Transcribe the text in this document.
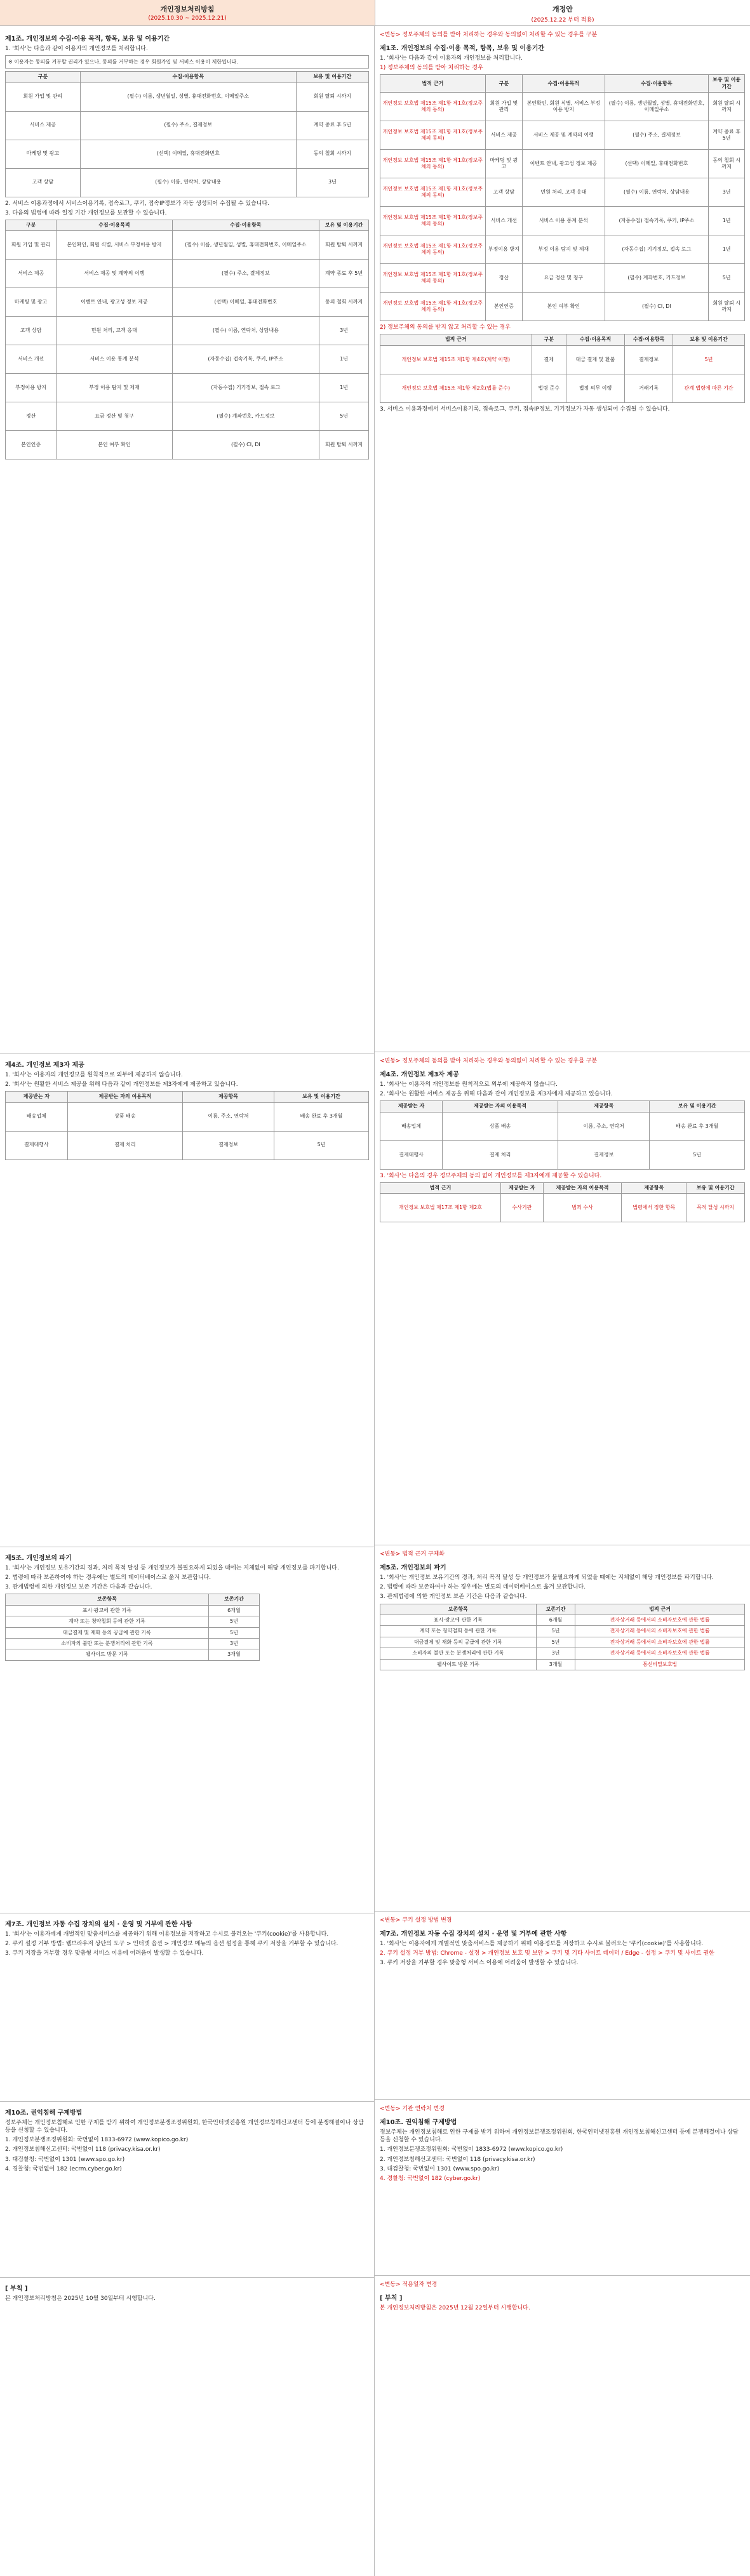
개인정보처리방침
(2025.10.30 ~ 2025.12.21)
개정안
(2025.12.22 부터 적용)
제1조. 개인정보의 수집·이용 목적, 항목, 보유 및 이용기간
1. '회사'는 다음과 같이 이용자의 개인정보를 처리합니다.
※ 이용자는 동의를 거부할 권리가 있으나, 동의를 거부하는 경우 회원가입 및 서비스 이용이 제한됩니다.
구분	수집·이용항목	보유 및 이용기간
회원 가입 및 관리	(필수) 이름, 생년월일, 성별, 휴대전화번호, 이메일주소	회원 탈퇴 시까지
서비스 제공	(필수) 주소, 결제정보	계약 종료 후 5년
마케팅 및 광고	(선택) 이메일, 휴대전화번호	동의 철회 시까지
고객 상담	(필수) 이름, 연락처, 상담내용	3년
2. 서비스 이용과정에서 서비스이용기록, 접속로그, 쿠키, 접속IP정보가 자동 생성되어 수집될 수 있습니다.
3. 다음의 법령에 따라 일정 기간 개인정보를 보관할 수 있습니다.
구분	수집·이용목적	수집·이용항목	보유 및 이용기간
회원 가입 및 관리	본인확인, 회원 식별, 서비스 부정이용 방지	(필수) 이름, 생년월일, 성별, 휴대전화번호, 이메일주소	회원 탈퇴 시까지
서비스 제공	서비스 제공 및 계약의 이행	(필수) 주소, 결제정보	계약 종료 후 5년
마케팅 및 광고	이벤트 안내, 광고성 정보 제공	(선택) 이메일, 휴대전화번호	동의 철회 시까지
고객 상담	민원 처리, 고객 응대	(필수) 이름, 연락처, 상담내용	3년
서비스 개선	서비스 이용 통계 분석	(자동수집) 접속기록, 쿠키, IP주소	1년
부정이용 방지	부정 이용 탐지 및 제재	(자동수집) 기기정보, 접속 로그	1년
정산	요금 정산 및 청구	(필수) 계좌번호, 카드정보	5년
본인인증	본인 여부 확인	(필수) CI, DI	회원 탈퇴 시까지
제4조. 개인정보 제3자 제공
1. '회사'는 이용자의 개인정보를 원칙적으로 외부에 제공하지 않습니다.
2. '회사'는 원활한 서비스 제공을 위해 다음과 같이 개인정보를 제3자에게 제공하고 있습니다.
제공받는 자	제공받는 자의 이용목적	제공항목	보유 및 이용기간
배송업체	상품 배송	이름, 주소, 연락처	배송 완료 후 3개월
결제대행사	결제 처리	결제정보	5년
제5조. 개인정보의 파기
1. '회사'는 개인정보 보유기간의 경과, 처리 목적 달성 등 개인정보가 불필요하게 되었을 때에는 지체없이 해당 개인정보를 파기합니다.
2. 법령에 따라 보존하여야 하는 경우에는 별도의 데이터베이스로 옮겨 보관합니다.
3. 관계법령에 의한 개인정보 보존 기간은 다음과 같습니다.
보존항목	보존기간
표시·광고에 관한 기록	6개월
계약 또는 청약철회 등에 관한 기록	5년
대금결제 및 재화 등의 공급에 관한 기록	5년
소비자의 불만 또는 분쟁처리에 관한 기록	3년
웹사이트 방문 기록	3개월
제7조. 개인정보 자동 수집 장치의 설치 · 운영 및 거부에 관한 사항
1. '회사'는 이용자에게 개별적인 맞춤서비스를 제공하기 위해 이용정보를 저장하고 수시로 불러오는 '쿠키(cookie)'를 사용합니다.
2. 쿠키 설정 거부 방법: 웹브라우저 상단의 도구 > 인터넷 옵션 > 개인정보 메뉴의 옵션 설정을 통해 쿠키 저장을 거부할 수 있습니다.
3. 쿠키 저장을 거부할 경우 맞춤형 서비스 이용에 어려움이 발생할 수 있습니다.
제10조. 권익침해 구제방법
정보주체는 개인정보침해로 인한 구제를 받기 위하여 개인정보분쟁조정위원회, 한국인터넷진흥원 개인정보침해신고센터 등에 분쟁해결이나 상담 등을 신청할 수 있습니다.
1. 개인정보분쟁조정위원회: 국번없이 1833-6972 (www.kopico.go.kr)
2. 개인정보침해신고센터: 국번없이 118 (privacy.kisa.or.kr)
3. 대검찰청: 국번없이 1301 (www.spo.go.kr)
4. 경찰청: 국번없이 182 (ecrm.cyber.go.kr)
[ 부칙 ]
본 개인정보처리방침은 2025년 10월 30일부터 시행합니다.
<변동> 정보주체의 동의를 받아 처리하는 경우와 동의없이 처리할 수 있는 경우를 구분
제1조. 개인정보의 수집·이용 목적, 항목, 보유 및 이용기간
1. '회사'는 다음과 같이 이용자의 개인정보를 처리합니다.
1) 정보주체의 동의를 받아 처리하는 경우
법적 근거	구분	수집·이용목적	수집·이용항목	보유 및 이용기간
개인정보 보호법 제15조 제1항 제1호(정보주체의 동의)	회원 가입 및 관리	본인확인, 회원 식별, 서비스 부정이용 방지	(필수) 이름, 생년월일, 성별, 휴대전화번호, 이메일주소	회원 탈퇴 시까지
개인정보 보호법 제15조 제1항 제1호(정보주체의 동의)	서비스 제공	서비스 제공 및 계약의 이행	(필수) 주소, 결제정보	계약 종료 후 5년
개인정보 보호법 제15조 제1항 제1호(정보주체의 동의)	마케팅 및 광고	이벤트 안내, 광고성 정보 제공	(선택) 이메일, 휴대전화번호	동의 철회 시까지
개인정보 보호법 제15조 제1항 제1호(정보주체의 동의)	고객 상담	민원 처리, 고객 응대	(필수) 이름, 연락처, 상담내용	3년
개인정보 보호법 제15조 제1항 제1호(정보주체의 동의)	서비스 개선	서비스 이용 통계 분석	(자동수집) 접속기록, 쿠키, IP주소	1년
개인정보 보호법 제15조 제1항 제1호(정보주체의 동의)	부정이용 방지	부정 이용 탐지 및 제재	(자동수집) 기기정보, 접속 로그	1년
개인정보 보호법 제15조 제1항 제1호(정보주체의 동의)	정산	요금 정산 및 청구	(필수) 계좌번호, 카드정보	5년
개인정보 보호법 제15조 제1항 제1호(정보주체의 동의)	본인인증	본인 여부 확인	(필수) CI, DI	회원 탈퇴 시까지
2) 정보주체의 동의를 받지 않고 처리할 수 있는 경우
법적 근거	구분	수집·이용목적	수집·이용항목	보유 및 이용기간
개인정보 보호법 제15조 제1항 제4호(계약 이행)	결제	대금 결제 및 환불	결제정보	5년
개인정보 보호법 제15조 제1항 제2호(법률 준수)	법령 준수	법정 의무 이행	거래기록	관계 법령에 따른 기간
3. 서비스 이용과정에서 서비스이용기록, 접속로그, 쿠키, 접속IP정보, 기기정보가 자동 생성되어 수집될 수 있습니다.
<변동> 정보주체의 동의를 받아 처리하는 경우와 동의없이 처리할 수 있는 경우를 구분
제4조. 개인정보 제3자 제공
1. '회사'는 이용자의 개인정보를 원칙적으로 외부에 제공하지 않습니다.
2. '회사'는 원활한 서비스 제공을 위해 다음과 같이 개인정보를 제3자에게 제공하고 있습니다.
제공받는 자	제공받는 자의 이용목적	제공항목	보유 및 이용기간
배송업체	상품 배송	이름, 주소, 연락처	배송 완료 후 3개월
결제대행사	결제 처리	결제정보	5년
3. '회사'는 다음의 경우 정보주체의 동의 없이 개인정보를 제3자에게 제공할 수 있습니다.
법적 근거	제공받는 자	제공받는 자의 이용목적	제공항목	보유 및 이용기간
개인정보 보호법 제17조 제1항 제2호	수사기관	범죄 수사	법령에서 정한 항목	목적 달성 시까지
<변동> 법적 근거 구체화
제5조. 개인정보의 파기
1. '회사'는 개인정보 보유기간의 경과, 처리 목적 달성 등 개인정보가 불필요하게 되었을 때에는 지체없이 해당 개인정보를 파기합니다.
2. 법령에 따라 보존하여야 하는 경우에는 별도의 데이터베이스로 옮겨 보관합니다.
3. 관계법령에 의한 개인정보 보존 기간은 다음과 같습니다.
보존항목	보존기간	법적 근거
표시·광고에 관한 기록	6개월	전자상거래 등에서의 소비자보호에 관한 법률
계약 또는 청약철회 등에 관한 기록	5년	전자상거래 등에서의 소비자보호에 관한 법률
대금결제 및 재화 등의 공급에 관한 기록	5년	전자상거래 등에서의 소비자보호에 관한 법률
소비자의 불만 또는 분쟁처리에 관한 기록	3년	전자상거래 등에서의 소비자보호에 관한 법률
웹사이트 방문 기록	3개월	통신비밀보호법
<변동> 쿠키 설정 방법 변경
제7조. 개인정보 자동 수집 장치의 설치 · 운영 및 거부에 관한 사항
1. '회사'는 이용자에게 개별적인 맞춤서비스를 제공하기 위해 이용정보를 저장하고 수시로 불러오는 '쿠키(cookie)'를 사용합니다.
2. 쿠키 설정 거부 방법: Chrome - 설정 > 개인정보 보호 및 보안 > 쿠키 및 기타 사이트 데이터 / Edge - 설정 > 쿠키 및 사이트 권한
3. 쿠키 저장을 거부할 경우 맞춤형 서비스 이용에 어려움이 발생할 수 있습니다.
<변동> 기관 연락처 변경
제10조. 권익침해 구제방법
정보주체는 개인정보침해로 인한 구제를 받기 위하여 개인정보분쟁조정위원회, 한국인터넷진흥원 개인정보침해신고센터 등에 분쟁해결이나 상담 등을 신청할 수 있습니다.
1. 개인정보분쟁조정위원회: 국번없이 1833-6972 (www.kopico.go.kr)
2. 개인정보침해신고센터: 국번없이 118 (privacy.kisa.or.kr)
3. 대검찰청: 국번없이 1301 (www.spo.go.kr)
4. 경찰청: 국번없이 182 (cyber.go.kr)
<변동> 적용일자 변경
[ 부칙 ]
본 개인정보처리방침은 2025년 12월 22일부터 시행합니다.
